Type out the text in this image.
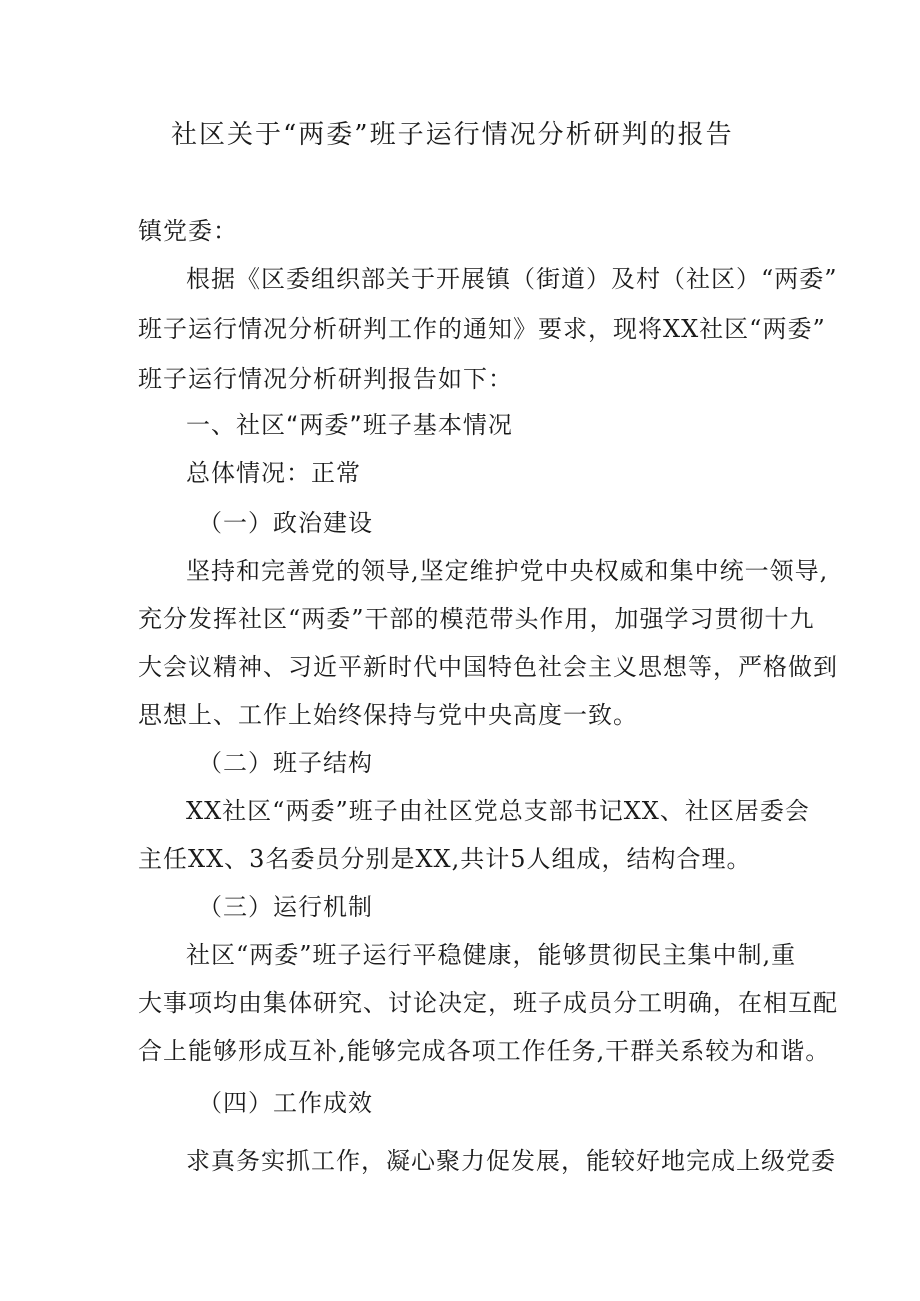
社区关于“两委”班子运行情况分析研判的报告
镇党委：
根据《区委组织部关于开展镇（街道）及村（社区）“两委”
班子运行情况分析研判工作的通知》要求，现将XX社区“两委”
班子运行情况分析研判报告如下：
一、社区“两委”班子基本情况
总体情况：正常
（一）政治建设
坚持和完善党的领导,坚定维护党中央权威和集中统一领导,
充分发挥社区“两委”干部的模范带头作用，加强学习贯彻十九
大会议精神、习近平新时代中国特色社会主义思想等，严格做到
思想上、工作上始终保持与党中央高度一致。
（二）班子结构
XX社区“两委”班子由社区党总支部书记XX、社区居委会
主任XX、3名委员分别是XX,共计5人组成，结构合理。
（三）运行机制
社区“两委”班子运行平稳健康，能够贯彻民主集中制,重
大事项均由集体研究、讨论决定，班子成员分工明确，在相互配
合上能够形成互补,能够完成各项工作任务,干群关系较为和谐。
（四）工作成效
求真务实抓工作，凝心聚力促发展，能较好地完成上级党委
